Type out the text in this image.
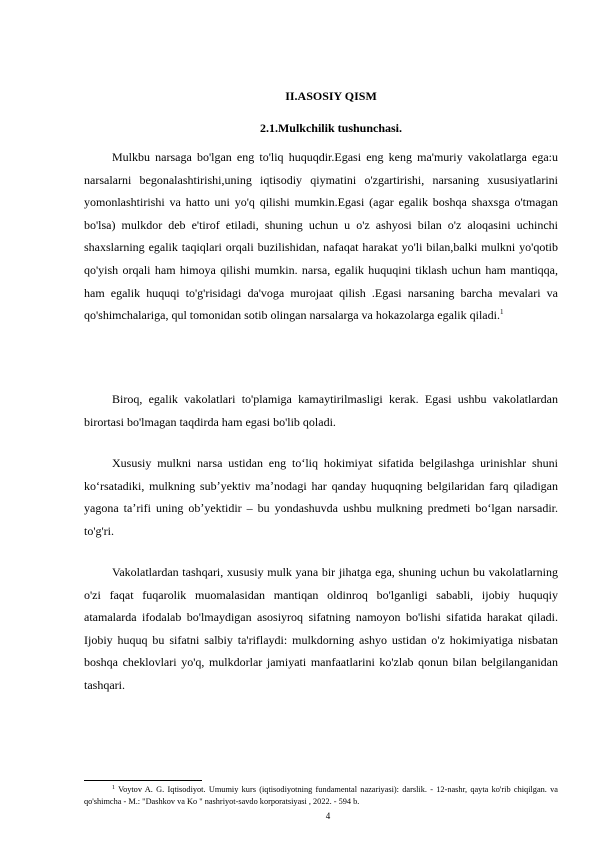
II.ASOSIY QISM
2.1.Mulkchilik tushunchasi.

Mulkbu narsaga bo'lgan eng to'liq huquqdir.Egasi eng keng ma'muriy vakolatlarga ega:u narsalarni begonalashtirishi,uning iqtisodiy qiymatini o'zgartirishi, narsaning xususiyatlarini yomonlashtirishi va hatto uni yo'q qilishi mumkin.Egasi (agar egalik boshqa shaxsga o'tmagan bo'lsa) mulkdor deb e'tirof etiladi, shuning uchun u o'z ashyosi bilan o'z aloqasini uchinchi shaxslarning egalik taqiqlari orqali buzilishidan, nafaqat harakat yo'li bilan,balki mulkni yo'qotib qo'yish orqali ham himoya qilishi mumkin. narsa, egalik huquqini tiklash uchun ham mantiqqa, ham egalik huquqi to'g'risidagi da'voga murojaat qilish .Egasi narsaning barcha mevalari va qo'shimchalariga, qul tomonidan sotib olingan narsalarga va hokazolarga egalik qiladi.$^1$

Biroq, egalik vakolatlari to'plamiga kamaytirilmasligi kerak. Egasi ushbu vakolatlardan birortasi bo'lmagan taqdirda ham egasi bo'lib qoladi.

Xususiy mulkni narsa ustidan eng toʻliq hokimiyat sifatida belgilashga urinishlar shuni koʻrsatadiki, mulkning subʼyektiv maʼnodagi har qanday huquqning belgilaridan farq qiladigan yagona taʼrifi uning obʼyektidir – bu yondashuvda ushbu mulkning predmeti boʻlgan narsadir. to'g'ri.

Vakolatlardan tashqari, xususiy mulk yana bir jihatga ega, shuning uchun bu vakolatlarning o'zi faqat fuqarolik muomalasidan mantiqan oldinroq bo'lganligi sababli, ijobiy huquqiy atamalarda ifodalab bo'lmaydigan asosiyroq sifatning namoyon bo'lishi sifatida harakat qiladi. Ijobiy huquq bu sifatni salbiy ta'riflaydi: mulkdorning ashyo ustidan o'z hokimiyatiga nisbatan boshqa cheklovlari yo'q, mulkdorlar jamiyati manfaatlarini ko'zlab qonun bilan belgilanganidan tashqari.

$^1$ Voytov A. G. Iqtisodiyot. Umumiy kurs (iqtisodiyotning fundamental nazariyasi): darslik. - 12-nashr, qayta ko'rib chiqilgan. va qo'shimcha - M.: "Dashkov va Ko " nashriyot-savdo korporatsiyasi , 2022. - 594 b.

4
